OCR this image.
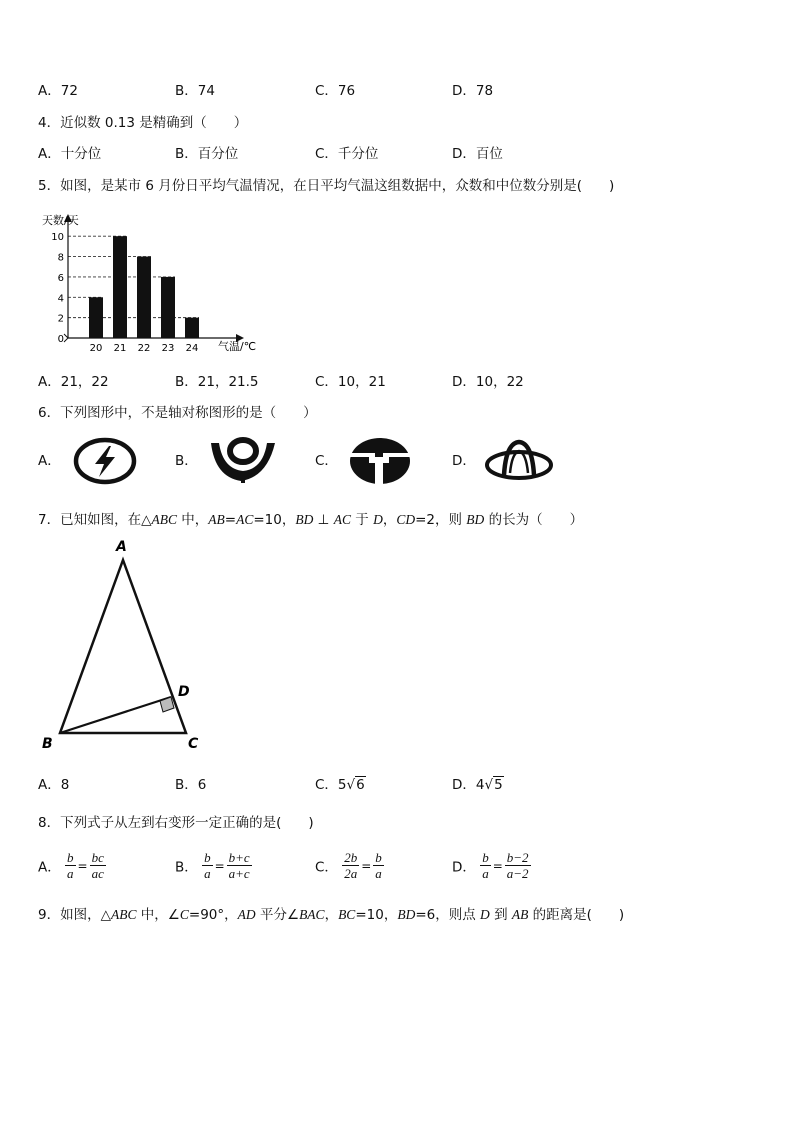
A．72	B．74	C．76	D．78
4．近似数 0.13 是精确到（　　）
A．十分位	B．百分位	C．千分位	D．百位
5．如图，是某市 6 月份日平均气温情况，在日平均气温这组数据中，众数和中位数分别是(　　)
0
2
4
6
8
10
20 21 22 23 24
天数/天
气温/℃
A．21，22	B．21，21.5	C．10，21	D．10，22
6．下列图形中，不是轴对称图形的是（　　）
A．	B．	C．	D．
7．已知如图，在△ABC 中，AB=AC=10，BD ⊥ AC 于 D，CD=2，则 BD 的长为（　　）
A
B	C
D
A．8	B．6	C．5√6	D．4√5
8．下列式子从左到右变形一定正确的是(　　)
A． $\frac{b}{a} = \frac{bc}{ac}$	B． $\frac{b}{a} = \frac{b+c}{a+c}$	C． $\frac{2b}{2a} = \frac{b}{a}$	D． $\frac{b}{a} = \frac{b-2}{a-2}$
9．如图，△ABC 中，∠C=90°，AD 平分∠BAC，BC=10，BD=6，则点 D 到 AB 的距离是(　　)
